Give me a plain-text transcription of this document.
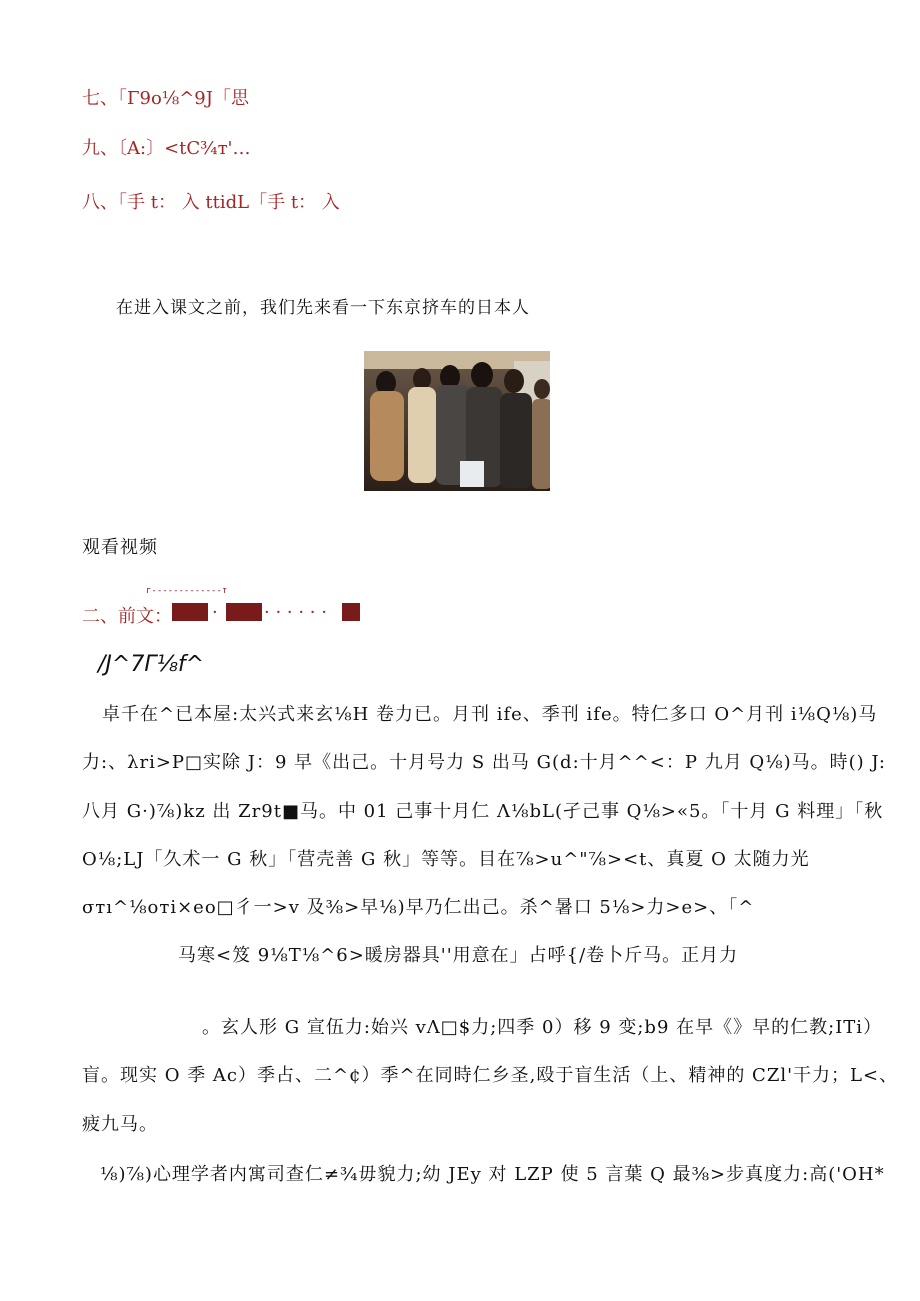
七、「Γ9o⅛^9J「思
九、〔A:〕<tC¾т'…
八、「手 t： 入 ttidL「手 t： 入
在进入课文之前，我们先来看一下东京挤车的日本人
观看视频
г-------------т
二、前文： ·	· · · · · ·
/J^7Γ⅛f^
卓千在^已本屋:太兴式来玄⅛H 卷力已。月刊 ife、季刊 ife。特仁多口 O^月刊 i⅛Q⅛)马
力:、λri>P□实除 J：9 早《出己。十月号力 S 出马 G(d:十月^^<：P 九月 Q⅛)马。時() J:
八月 G·)⅞)kz 出 Zr9t■马。中 01 己事十月仁 Λ⅛bL(孑己事 Q⅛>«5。「十月 G 料理」「秋
O⅛;LJ「久术一 G 秋」「营壳善 G 秋」等等。目在⅞>u^"⅞><t、真夏 O 太随力光
σтı^⅛oтi×eo□彳一>v 及⅜>早⅛)早乃仁出己。杀^暑口 5⅛>力>e>、「^
马寒<笈 9⅛Τ⅛^6>暖房器具''用意在」占呼{/卷卜斤马。正月力
。玄人形 G 宣伍力:始兴 vΛ□$力;四季 0）移 9 变;b9 在早《》早的仁教;ITi）
盲。现实 O 季 Ac）季占、二^¢）季^在同時仁乡圣,殴于盲生活（上、精神的 CZl'干力；L<、
疲九马。
⅛)⅞)心理学者内寓司查仁≠¾毋貌力;幼 JEy 对 LZP 使 5 言葉 Q 最⅜>步真度力:高('OH*
